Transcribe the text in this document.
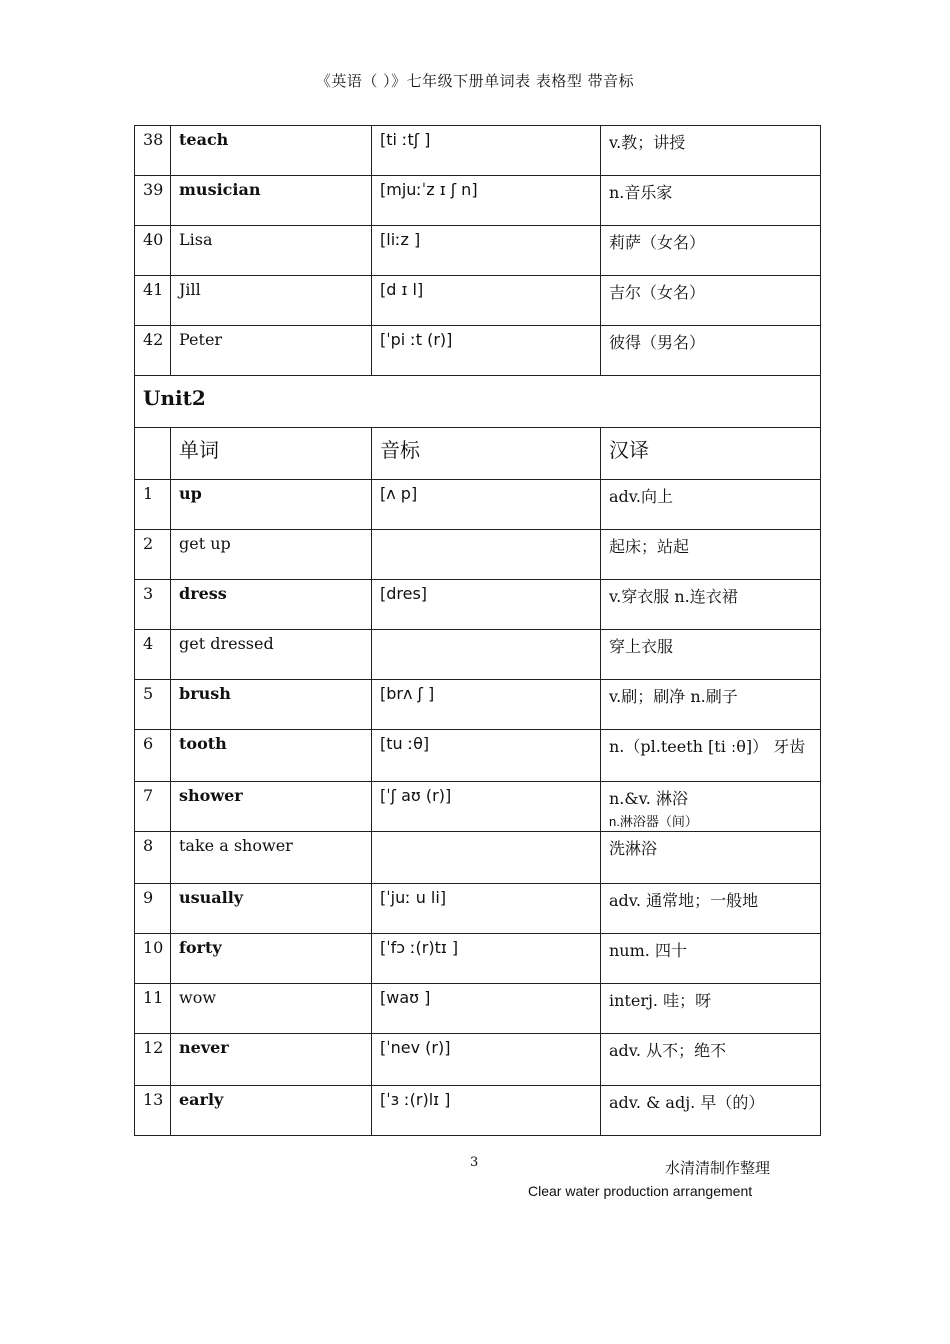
《英语（ ）》七年级下册单词表 表格型 带音标
38	teach	[ti ːtʃ ]	v.教；讲授

39	musician	[mjuːˈz ɪ ʃ n]	n.音乐家

40	Lisa	[liːz ]	莉萨（女名）

41	Jill	[d ɪ l]	吉尔（女名）

42	Peter	[ˈpi ːt (r)]	彼得（男名）

Unit2			
	单词	音标	汉译
1	up	[ʌ p]	adv.向上

2	get up		起床；站起

3	dress	[dres]	v.穿衣服 n.连衣裙

4	get dressed		穿上衣服

5	brush	[brʌ ʃ ]	v.刷；刷净 n.刷子

6	tooth	[tu ːθ]	n.（pl.teeth [ti ːθ]） 牙齿

7	shower	[ˈʃ aʊ (r)]	n.&v. 淋浴
n.淋浴器（间）

8	take a shower		洗淋浴

9	usually	[ˈjuː u li]	adv. 通常地；一般地

10	forty	[ˈfɔ ː(r)tɪ ]	num. 四十

11	wow	[waʊ ]	interj. 哇；呀

12	never	[ˈnev (r)]	adv. 从不；绝不

13	early	[ˈɜ ː(r)lɪ ]	adv. & adj. 早（的）
3	水清清制作整理
Clear water production arrangement
